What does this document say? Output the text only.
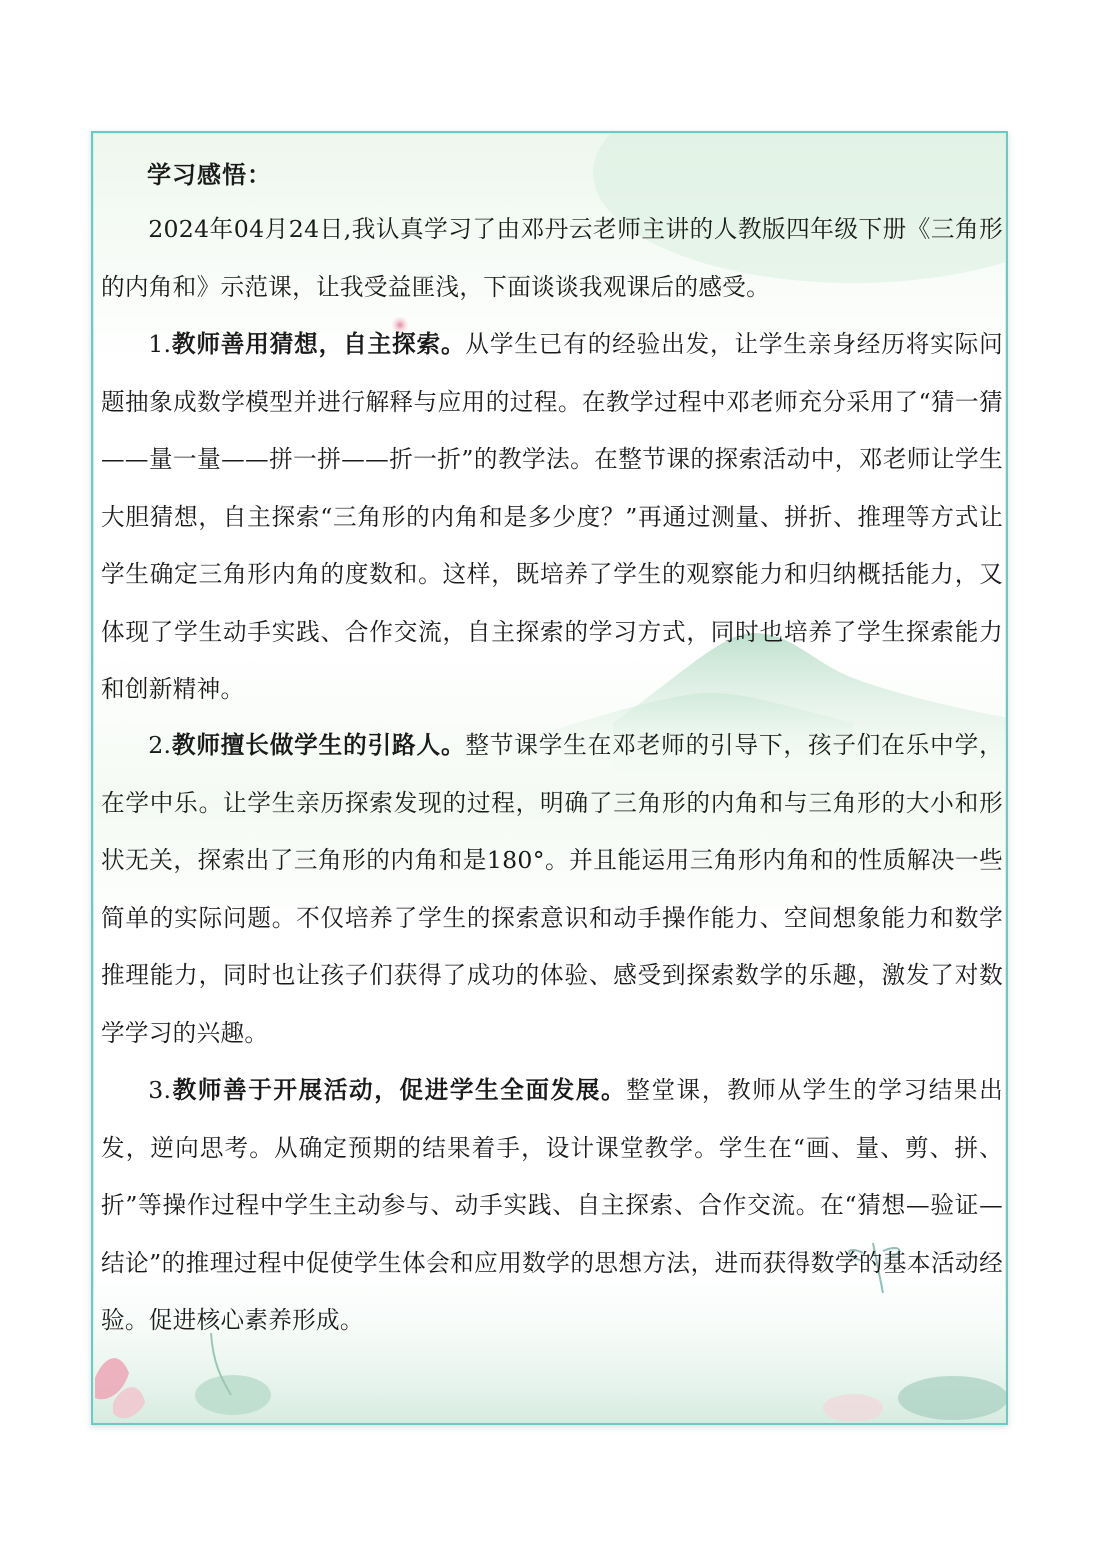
学习感悟：

2024年04月24日,我认真学习了由邓丹云老师主讲的人教版四年级下册《三角形的内角和》示范课，让我受益匪浅，下面谈谈我观课后的感受。

1.教师善用猜想，自主探索。从学生已有的经验出发，让学生亲身经历将实际问题抽象成数学模型并进行解释与应用的过程。在教学过程中邓老师充分采用了“猜一猜——量一量——拼一拼——折一折”的教学法。在整节课的探索活动中，邓老师让学生大胆猜想，自主探索“三角形的内角和是多少度？”再通过测量、拼折、推理等方式让学生确定三角形内角的度数和。这样，既培养了学生的观察能力和归纳概括能力，又体现了学生动手实践、合作交流，自主探索的学习方式，同时也培养了学生探索能力和创新精神。

2.教师擅长做学生的引路人。整节课学生在邓老师的引导下，孩子们在乐中学，在学中乐。让学生亲历探索发现的过程，明确了三角形的内角和与三角形的大小和形状无关，探索出了三角形的内角和是180°。并且能运用三角形内角和的性质解决一些简单的实际问题。不仅培养了学生的探索意识和动手操作能力、空间想象能力和数学推理能力，同时也让孩子们获得了成功的体验、感受到探索数学的乐趣，激发了对数学学习的兴趣。

3.教师善于开展活动，促进学生全面发展。整堂课，教师从学生的学习结果出发，逆向思考。从确定预期的结果着手，设计课堂教学。学生在“画、量、剪、拼、折”等操作过程中学生主动参与、动手实践、自主探索、合作交流。在“猜想—验证—结论”的推理过程中促使学生体会和应用数学的思想方法，进而获得数学的基本活动经验。促进核心素养形成。
